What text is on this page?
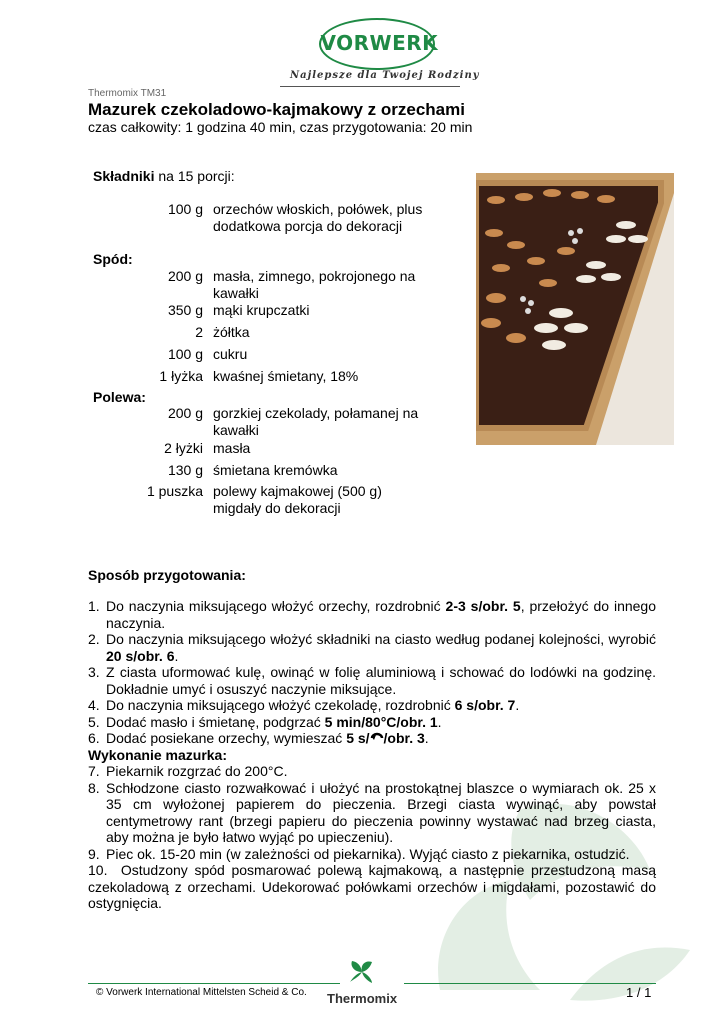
VORWERK
Najlepsze dla Twojej Rodziny
Thermomix TM31
Mazurek czekoladowo-kajmakowy z orzechami
czas całkowity: 1 godzina 40 min, czas przygotowania: 20 min
Składniki na 15 porcji:
100 g orzechów włoskich, połówek, plus dodatkowa porcja do dekoracji
Spód:
200 g masła, zimnego, pokrojonego na kawałki
350 g mąki krupczatki
2 żółtka
100 g cukru
1 łyżka kwaśnej śmietany, 18%
Polewa:
200 g gorzkiej czekolady, połamanej na kawałki
2 łyżki masła
130 g śmietana kremówka
1 puszka polewy kajmakowej (500 g) migdały do dekoracji
Sposób przygotowania:
1. Do naczynia miksującego włożyć orzechy, rozdrobnić 2-3 s/obr. 5, przełożyć do innego naczynia.
2. Do naczynia miksującego włożyć składniki na ciasto według podanej kolejności, wyrobić 20 s/obr. 6.
3. Z ciasta uformować kulę, owinąć w folię aluminiową i schować do lodówki na godzinę. Dokładnie umyć i osuszyć naczynie miksujące.
4. Do naczynia miksującego włożyć czekoladę, rozdrobnić 6 s/obr. 7.
5. Dodać masło i śmietanę, podgrzać 5 min/80°C/obr. 1.
6. Dodać posiekane orzechy, wymieszać 5 s/ /obr. 3.
Wykonanie mazurka:
7. Piekarnik rozgrzać do 200°C.
8. Schłodzone ciasto rozwałkować i ułożyć na prostokątnej blaszce o wymiarach ok. 25 x 35 cm wyłożonej papierem do pieczenia. Brzegi ciasta wywinąć, aby powstał centymetrowy rant (brzegi papieru do pieczenia powinny wystawać nad brzeg ciasta, aby można je było łatwo wyjąć po upieczeniu).
9. Piec ok. 15-20 min (w zależności od piekarnika). Wyjąć ciasto z piekarnika, ostudzić.
10. Ostudzony spód posmarować polewą kajmakową, a następnie przestudzoną masą czekoladową z orzechami. Udekorować połówkami orzechów i migdałami, pozostawić do ostygnięcia.
© Vorwerk International Mittelsten Scheid & Co.	1 / 1
Thermomix
